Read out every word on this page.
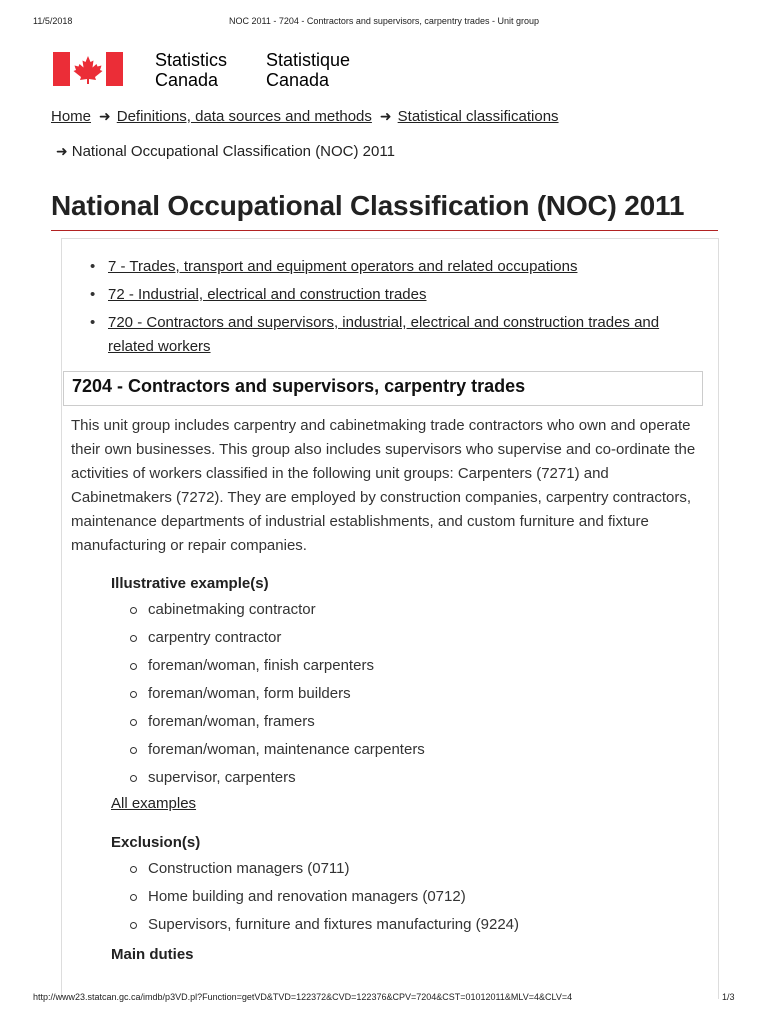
11/5/2018	NOC 2011 - 7204 - Contractors and supervisors, carpentry trades - Unit group
Statistics
Canada
Statistique
Canada
Home ➜ Definitions, data sources and methods ➜ Statistical classifications
➜ National Occupational Classification (NOC) 2011
National Occupational Classification (NOC) 2011
• 7 - Trades, transport and equipment operators and related occupations
• 72 - Industrial, electrical and construction trades
• 720 - Contractors and supervisors, industrial, electrical and construction trades and related workers
7204 - Contractors and supervisors, carpentry trades

This unit group includes carpentry and cabinetmaking trade contractors who own and operate their own businesses. This group also includes supervisors who supervise and co-ordinate the activities of workers classified in the following unit groups: Carpenters (7271) and Cabinetmakers (7272). They are employed by construction companies, carpentry contractors, maintenance departments of industrial establishments, and custom furniture and fixture manufacturing or repair companies.

Illustrative example(s)
cabinetmaking contractor
carpentry contractor
foreman/woman, finish carpenters
foreman/woman, form builders
foreman/woman, framers
foreman/woman, maintenance carpenters
supervisor, carpenters
All examples
Exclusion(s)
Construction managers (0711)
Home building and renovation managers (0712)
Supervisors, furniture and fixtures manufacturing (9224)
Main duties
http://www23.statcan.gc.ca/imdb/p3VD.pl?Function=getVD&TVD=122372&CVD=122376&CPV=7204&CST=01012011&MLV=4&CLV=4	1/3
